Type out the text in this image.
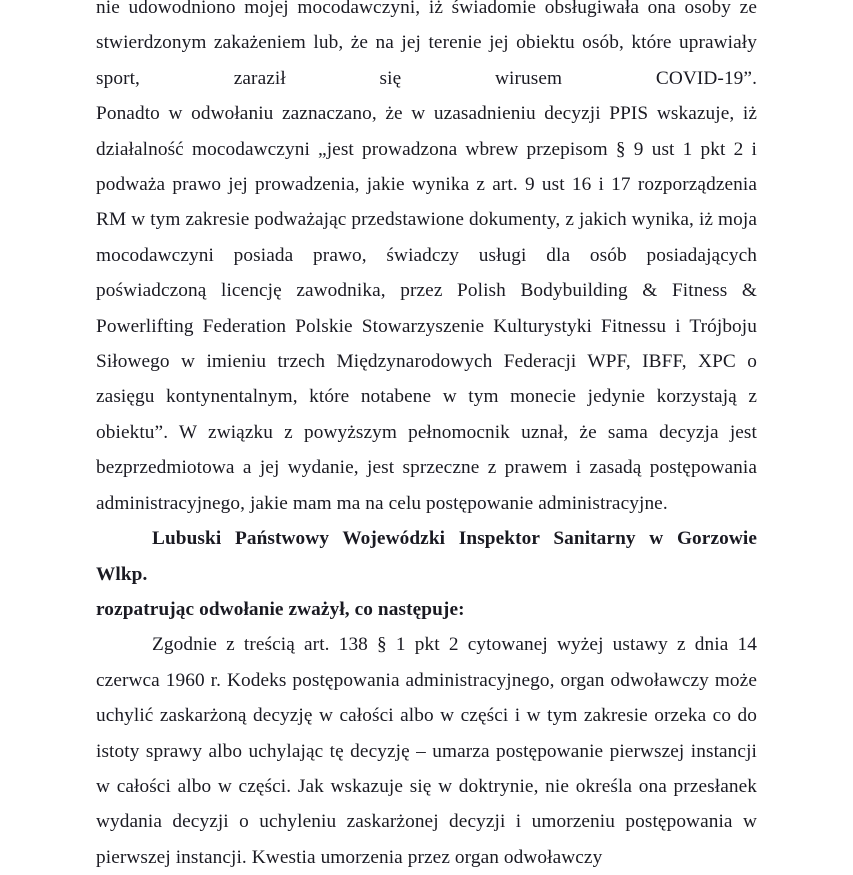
nie udowodniono mojej mocodawczyni, iż świadomie obsługiwała ona osoby ze stwierdzonym zakażeniem lub, że na jej terenie jej obiektu osób, które uprawiały sport, zaraził się wirusem COVID-19”.

Ponadto w odwołaniu zaznaczano, że w uzasadnieniu decyzji PPIS wskazuje, iż działalność mocodawczyni „jest prowadzona wbrew przepisom § 9 ust 1 pkt 2 i podważa prawo jej prowadzenia, jakie wynika z art. 9 ust 16 i 17 rozporządzenia RM w tym zakresie podważając przedstawione dokumenty, z jakich wynika, iż moja mocodawczyni posiada prawo, świadczy usługi dla osób posiadających poświadczoną licencję zawodnika, przez Polish Bodybuilding & Fitness & Powerlifting Federation Polskie Stowarzyszenie Kulturystyki Fitnessu i Trójboju Siłowego w imieniu trzech Międzynarodowych Federacji WPF, IBFF, XPC o zasięgu kontynentalnym, które notabene w tym monecie jedynie korzystają z obiektu”. W związku z powyższym pełnomocnik uznał, że sama decyzja jest bezprzedmiotowa a jej wydanie, jest sprzeczne z prawem i zasadą postępowania administracyjnego, jakie mam ma na celu postępowanie administracyjne.

Lubuski Państwowy Wojewódzki Inspektor Sanitarny w Gorzowie Wlkp.

rozpatrując odwołanie zważył, co następuje:

Zgodnie z treścią art. 138 § 1 pkt 2 cytowanej wyżej ustawy z dnia 14 czerwca 1960 r. Kodeks postępowania administracyjnego, organ odwoławczy może uchylić zaskarżoną decyzję w całości albo w części i w tym zakresie orzeka co do istoty sprawy albo uchylając tę decyzję – umarza postępowanie pierwszej instancji w całości albo w części. Jak wskazuje się w doktrynie, nie określa ona przesłanek wydania decyzji o uchyleniu zaskarżonej decyzji i umorzeniu postępowania w pierwszej instancji. Kwestia umorzenia przez organ odwoławczy
